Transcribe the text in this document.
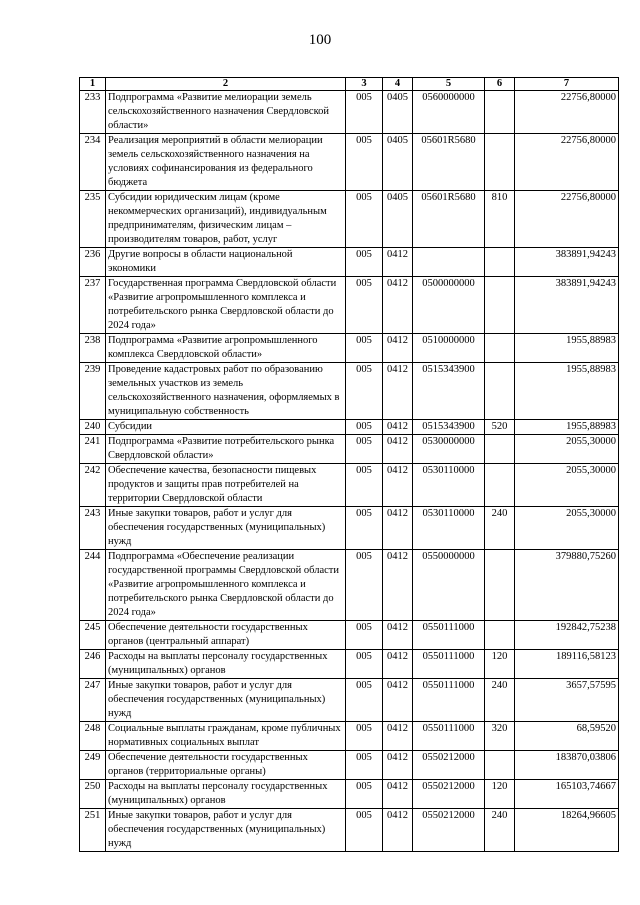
100
1	2	3	4	5	6	7
233	Подпрограмма «Развитие мелиорации земель сельскохозяйственного назначения Свердловской области»	005	0405	0560000000		22756,80000
234	Реализация мероприятий в области мелиорации земель сельскохозяйственного назначения на условиях софинансирования из федерального бюджета	005	0405	05601R5680		22756,80000
235	Субсидии юридическим лицам (кроме некоммерческих организаций), индивидуальным предпринимателям, физическим лицам – производителям товаров, работ, услуг	005	0405	05601R5680	810	22756,80000
236	Другие вопросы в области национальной экономики	005	0412			383891,94243
237	Государственная программа Свердловской области «Развитие агропромышленного комплекса и потребительского рынка Свердловской области до 2024 года»	005	0412	0500000000		383891,94243
238	Подпрограмма «Развитие агропромышленного комплекса Свердловской области»	005	0412	0510000000		1955,88983
239	Проведение кадастровых работ по образованию земельных участков из земель сельскохозяйственного назначения, оформляемых в муниципальную собственность	005	0412	0515343900		1955,88983
240	Субсидии	005	0412	0515343900	520	1955,88983
241	Подпрограмма «Развитие потребительского рынка Свердловской области»	005	0412	0530000000		2055,30000
242	Обеспечение качества, безопасности пищевых продуктов и защиты прав потребителей на территории Свердловской области	005	0412	0530110000		2055,30000
243	Иные закупки товаров, работ и услуг для обеспечения государственных (муниципальных) нужд	005	0412	0530110000	240	2055,30000
244	Подпрограмма «Обеспечение реализации государственной программы Свердловской области «Развитие агропромышленного комплекса и потребительского рынка Свердловской области до 2024 года»	005	0412	0550000000		379880,75260
245	Обеспечение деятельности государственных органов (центральный аппарат)	005	0412	0550111000		192842,75238
246	Расходы на выплаты персоналу государственных (муниципальных) органов	005	0412	0550111000	120	189116,58123
247	Иные закупки товаров, работ и услуг для обеспечения государственных (муниципальных) нужд	005	0412	0550111000	240	3657,57595
248	Социальные выплаты гражданам, кроме публичных нормативных социальных выплат	005	0412	0550111000	320	68,59520
249	Обеспечение деятельности государственных органов (территориальные органы)	005	0412	0550212000		183870,03806
250	Расходы на выплаты персоналу государственных (муниципальных) органов	005	0412	0550212000	120	165103,74667
251	Иные закупки товаров, работ и услуг для обеспечения государственных (муниципальных) нужд	005	0412	0550212000	240	18264,96605
